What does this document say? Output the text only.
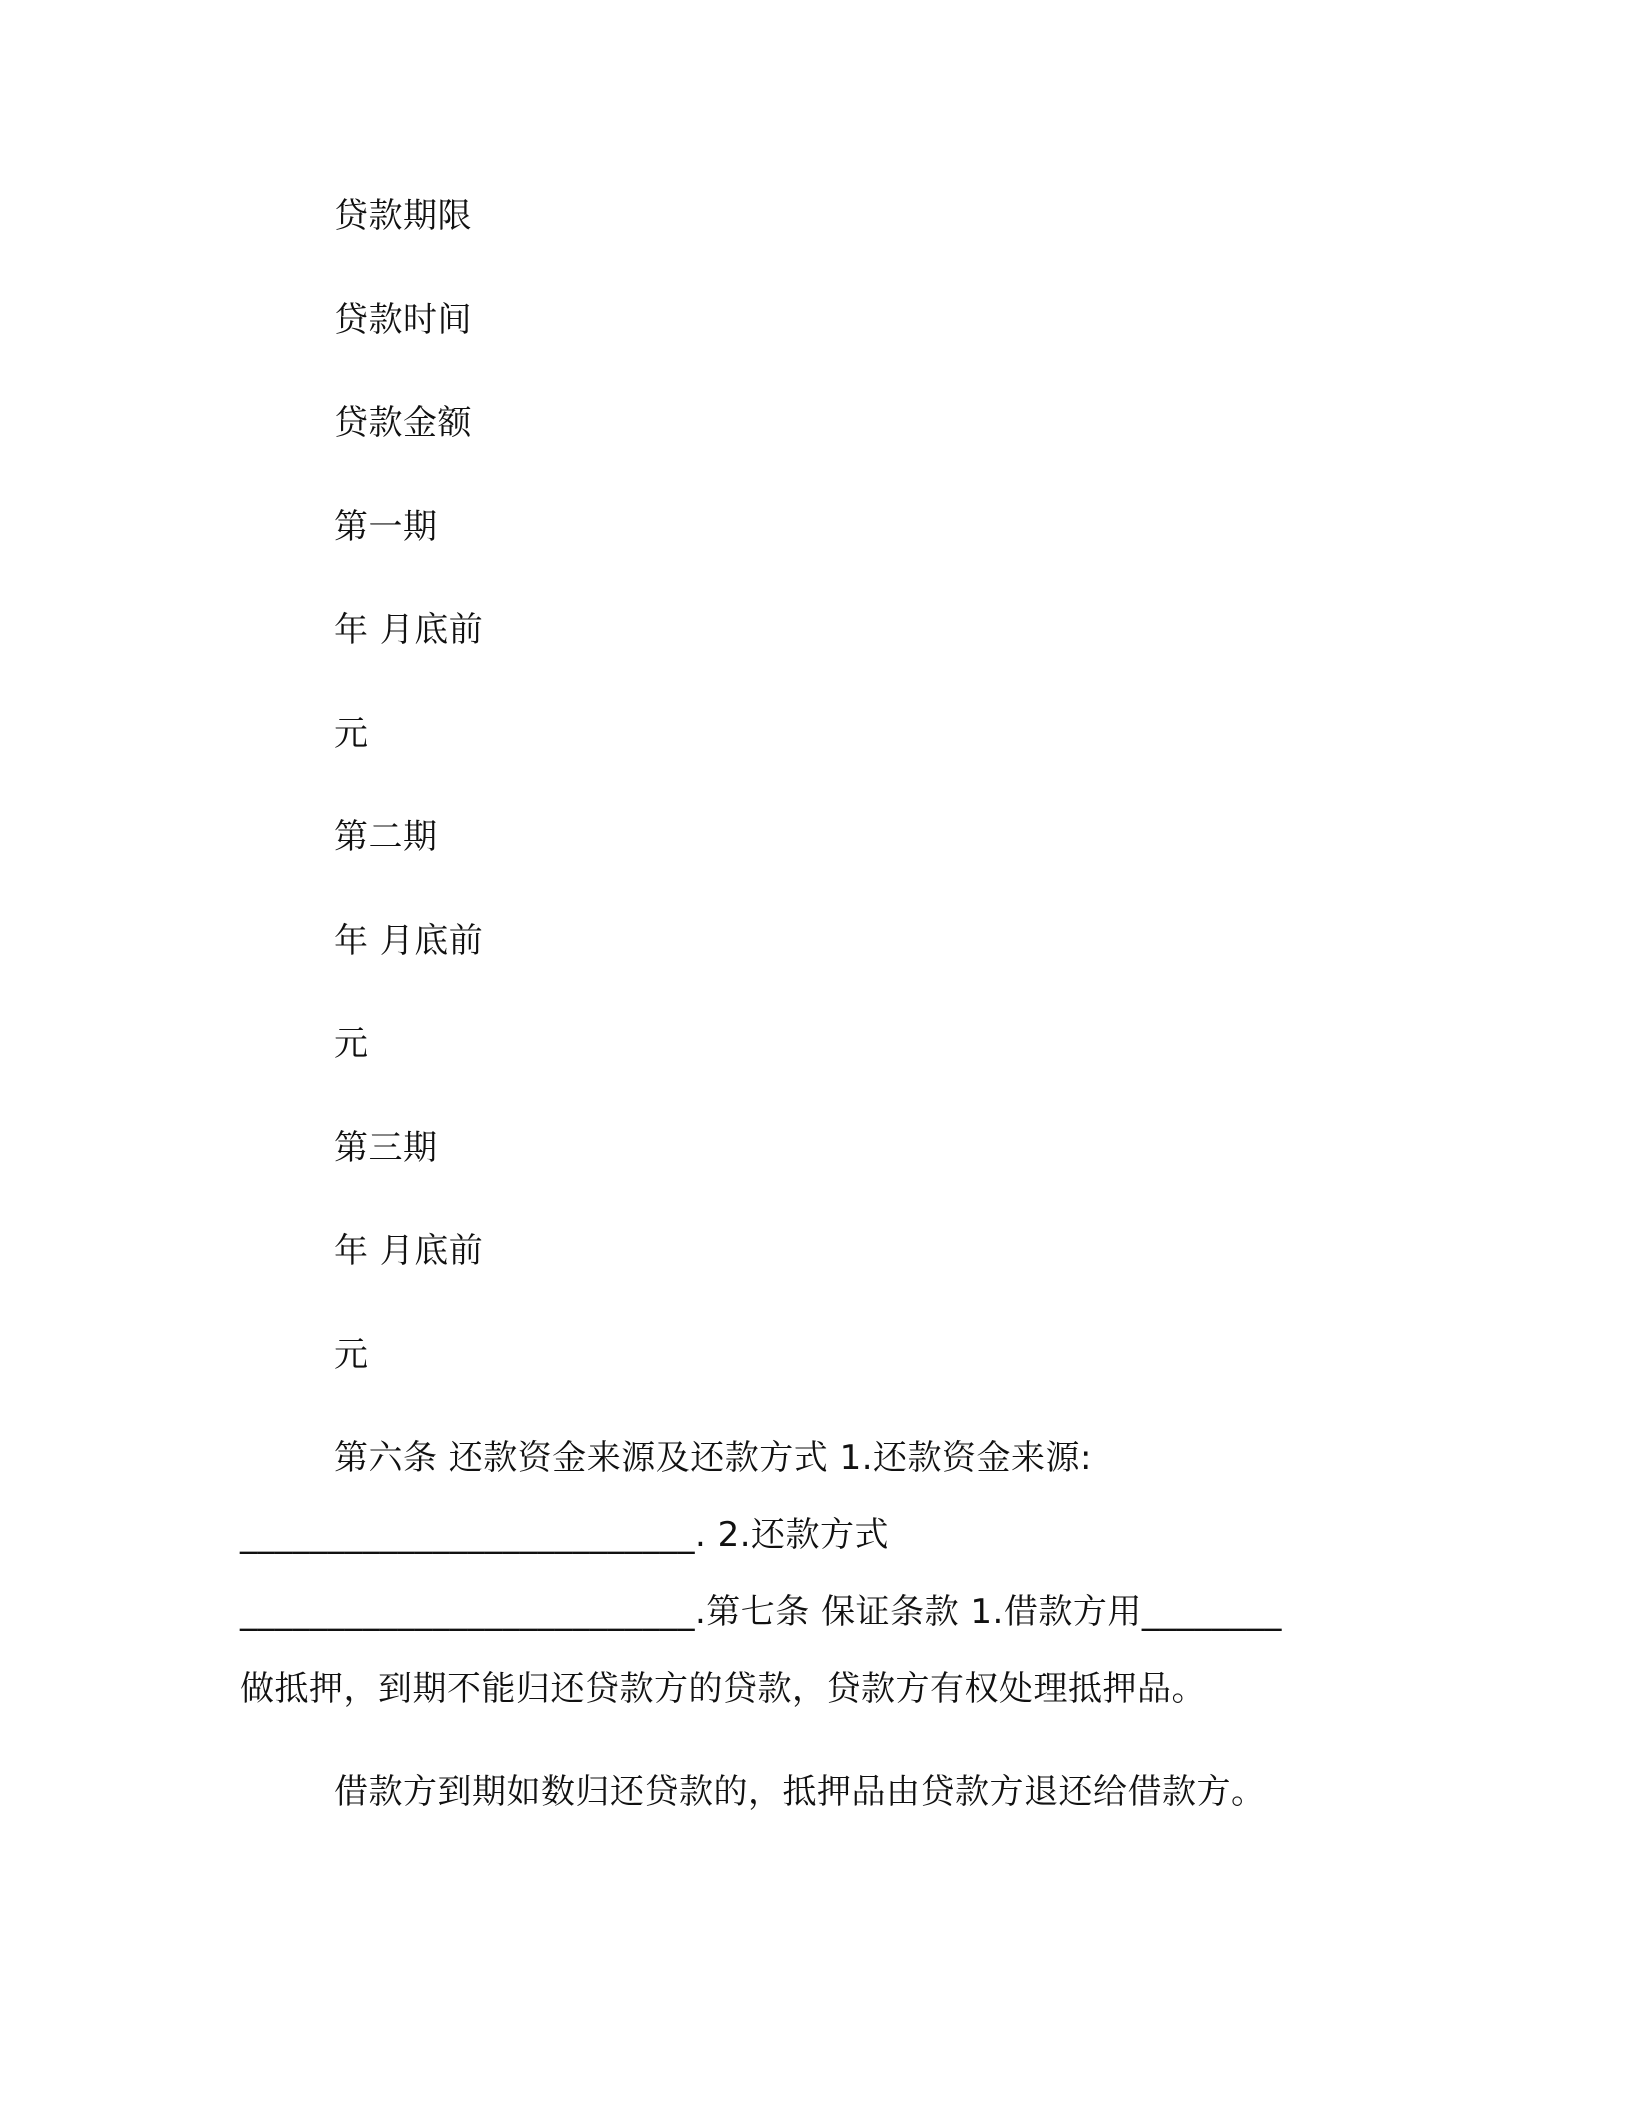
贷款期限
贷款时间
贷款金额
第一期
年 月底前
元
第二期
年 月底前
元
第三期
年 月底前
元
第六条 还款资金来源及还款方式 1.还款资金来源:
__________________________. 2.还款方式
__________________________.第七条 保证条款 1.借款方用________
做抵押，到期不能归还贷款方的贷款，贷款方有权处理抵押品。
借款方到期如数归还贷款的，抵押品由贷款方退还给借款方。
